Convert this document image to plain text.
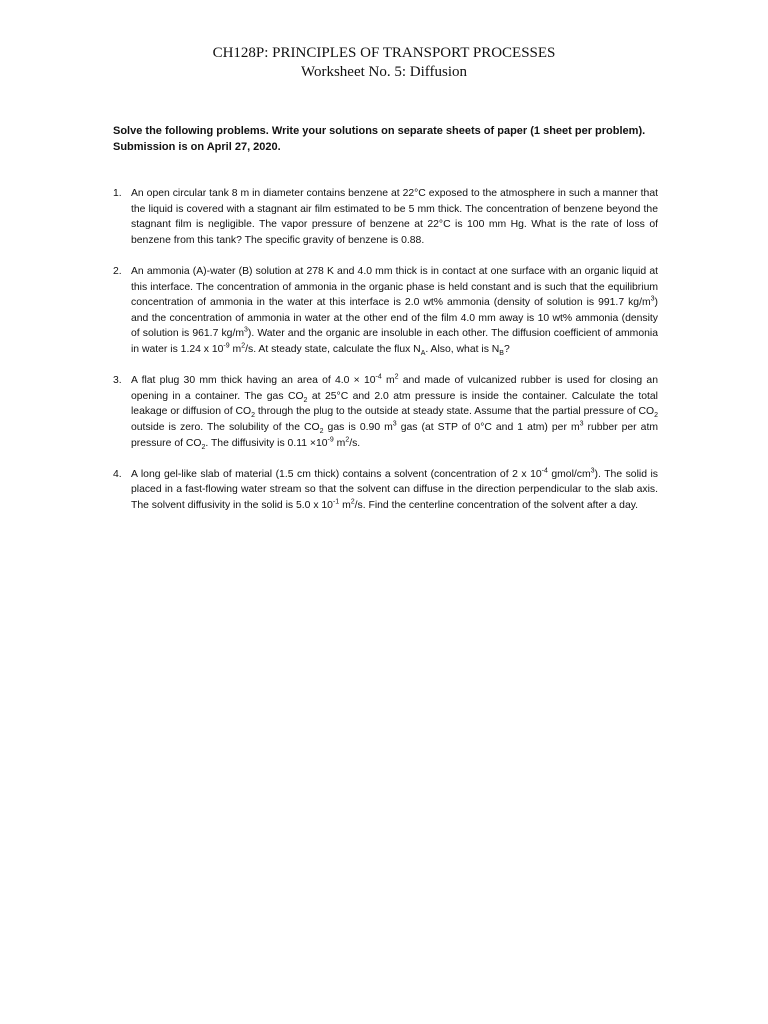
CH128P: PRINCIPLES OF TRANSPORT PROCESSES
Worksheet No. 5: Diffusion
Solve the following problems. Write your solutions on separate sheets of paper (1 sheet per problem).
Submission is on April 27, 2020.
1. An open circular tank 8 m in diameter contains benzene at 22°C exposed to the atmosphere in such a manner that the liquid is covered with a stagnant air film estimated to be 5 mm thick. The concentration of benzene beyond the stagnant film is negligible. The vapor pressure of benzene at 22°C is 100 mm Hg. What is the rate of loss of benzene from this tank? The specific gravity of benzene is 0.88.
2. An ammonia (A)-water (B) solution at 278 K and 4.0 mm thick is in contact at one surface with an organic liquid at this interface. The concentration of ammonia in the organic phase is held constant and is such that the equilibrium concentration of ammonia in the water at this interface is 2.0 wt% ammonia (density of solution is 991.7 $kg/m^3$) and the concentration of ammonia in water at the other end of the film 4.0 mm away is 10 wt% ammonia (density of solution is 961.7 $kg/m^3$). Water and the organic are insoluble in each other. The diffusion coefficient of ammonia in water is 1.24 x $10^{-9}$ $m^2/s$. At steady state, calculate the flux $N_A$. Also, what is $N_B$?
3. A flat plug 30 mm thick having an area of $4.0 \times 10^{-4}$ $m^2$ and made of vulcanized rubber is used for closing an opening in a container. The gas $CO_2$ at 25°C and 2.0 atm pressure is inside the container. Calculate the total leakage or diffusion of $CO_2$ through the plug to the outside at steady state. Assume that the partial pressure of $CO_2$ outside is zero. The solubility of the $CO_2$ gas is 0.90 $m^3$ gas (at STP of 0°C and 1 atm) per $m^3$ rubber per atm pressure of $CO_2$. The diffusivity is $0.11 \times 10^{-9}$ $m^2/s$.
4. A long gel-like slab of material (1.5 cm thick) contains a solvent (concentration of 2 x $10^{-4}$ gmol/$cm^3$). The solid is placed in a fast-flowing water stream so that the solvent can diffuse in the direction perpendicular to the slab axis. The solvent diffusivity in the solid is 5.0 x $10^{-1}$ $m^2/s$. Find the centerline concentration of the solvent after a day.
